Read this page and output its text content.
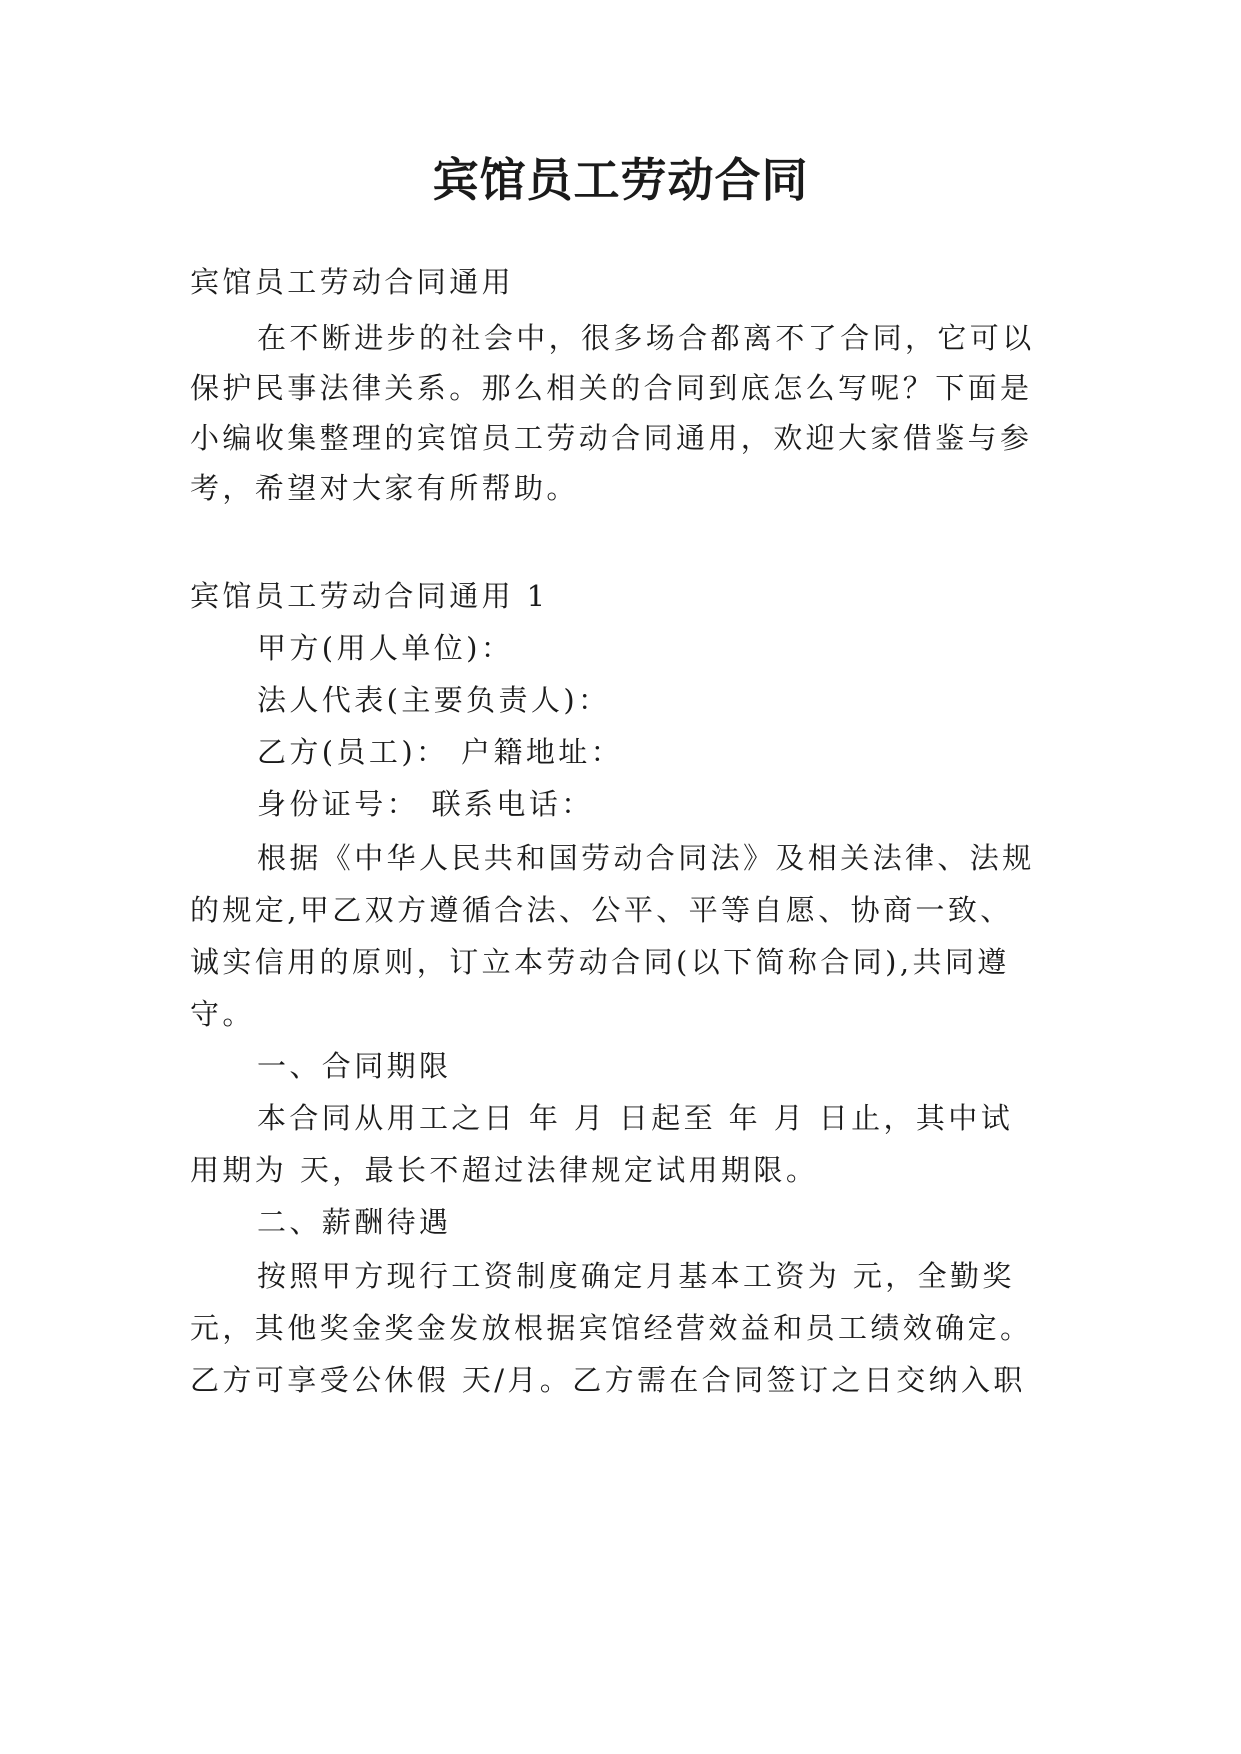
宾馆员工劳动合同

宾馆员工劳动合同通用

在不断进步的社会中，很多场合都离不了合同，它可以

保护民事法律关系。那么相关的合同到底怎么写呢？下面是

小编收集整理的宾馆员工劳动合同通用，欢迎大家借鉴与参

考，希望对大家有所帮助。

宾馆员工劳动合同通用 1

甲方(用人单位)：

法人代表(主要负责人)：

乙方(员工)： 户籍地址：

身份证号： 联系电话：

根据《中华人民共和国劳动合同法》及相关法律、法规

的规定,甲乙双方遵循合法、公平、平等自愿、协商一致、

诚实信用的原则，订立本劳动合同(以下简称合同),共同遵

守。

一、合同期限

本合同从用工之日 年 月 日起至 年 月 日止，其中试

用期为 天，最长不超过法律规定试用期限。

二、薪酬待遇

按照甲方现行工资制度确定月基本工资为 元，全勤奖

元，其他奖金奖金发放根据宾馆经营效益和员工绩效确定。

乙方可享受公休假 天/月。乙方需在合同签订之日交纳入职
